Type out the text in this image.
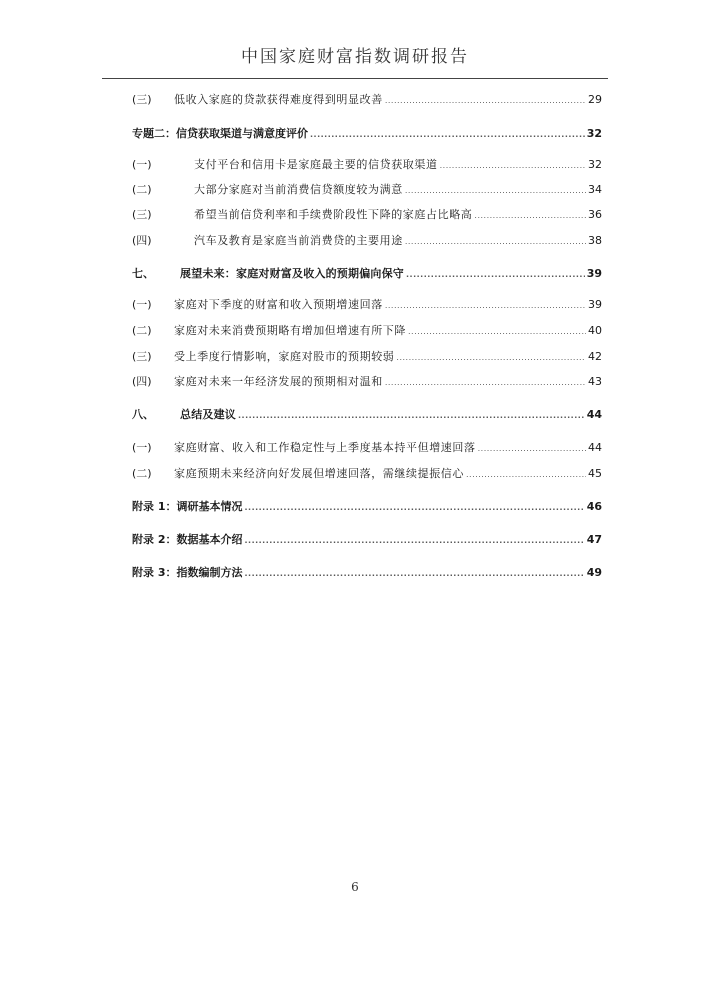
中国家庭财富指数调研报告
(三)	低收入家庭的贷款获得难度得到明显改善 .....	29
专题二：信贷获取渠道与满意度评价 .....	32
(一)	支付平台和信用卡是家庭最主要的信贷获取渠道 .....	32
(二)	大部分家庭对当前消费信贷额度较为满意 .....	34
(三)	希望当前信贷利率和手续费阶段性下降的家庭占比略高 .....	36
(四)	汽车及教育是家庭当前消费贷的主要用途 .....	38
七、	展望未来：家庭对财富及收入的预期偏向保守 .....	39
(一)	家庭对下季度的财富和收入预期增速回落 .....	39
(二)	家庭对未来消费预期略有增加但增速有所下降 .....	40
(三)	受上季度行情影响，家庭对股市的预期较弱 .....	42
(四)	家庭对未来一年经济发展的预期相对温和 .....	43
八、	总结及建议 .....	44
(一)	家庭财富、收入和工作稳定性与上季度基本持平但增速回落 .....	44
(二)	家庭预期未来经济向好发展但增速回落，需继续提振信心 .....	45
附录 1：调研基本情况 .....	46
附录 2：数据基本介绍 .....	47
附录 3：指数编制方法 .....	49
6
